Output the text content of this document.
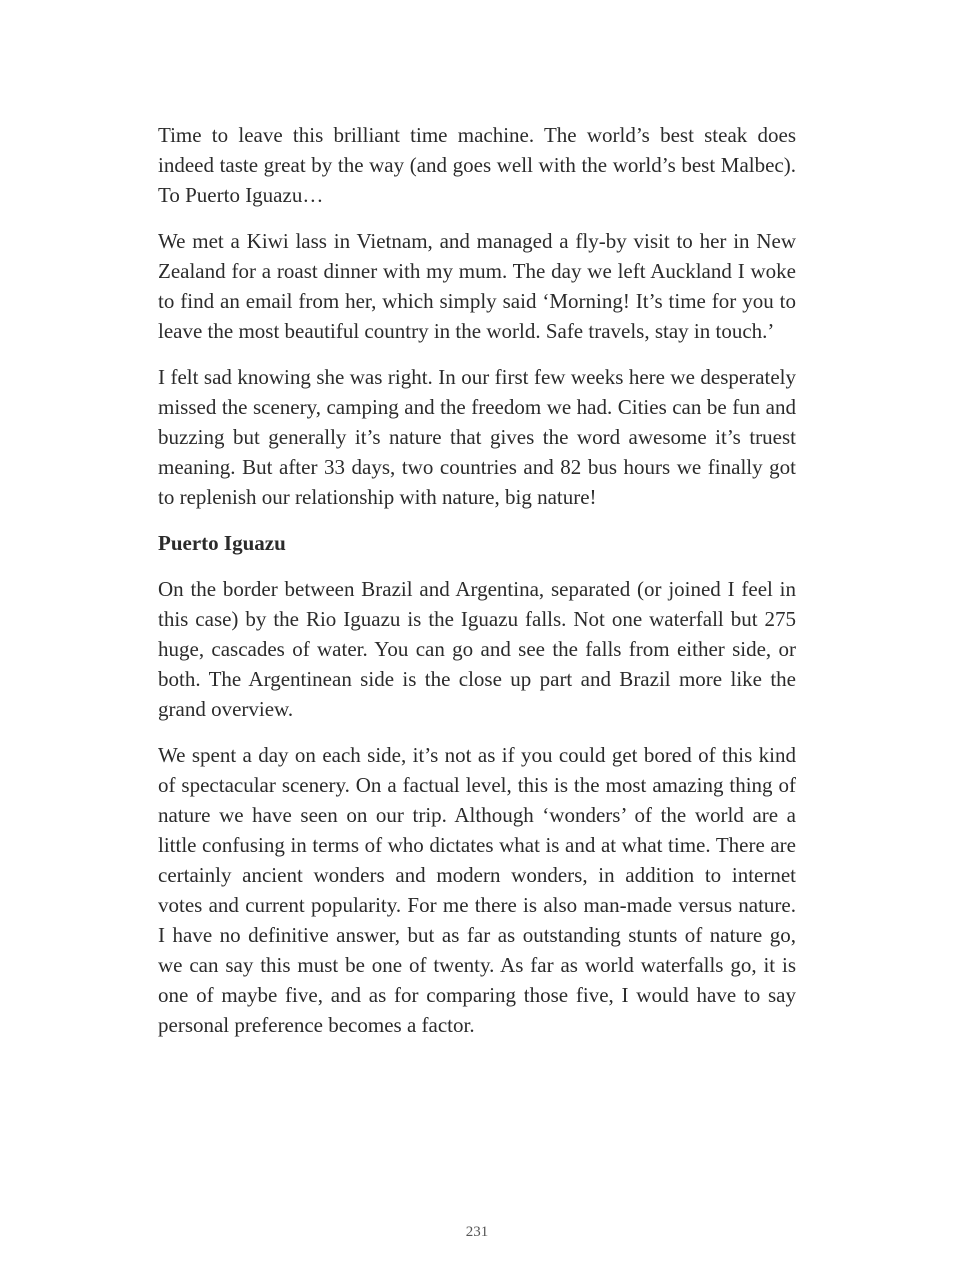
Time to leave this brilliant time machine. The world’s best steak does indeed taste great by the way (and goes well with the world’s best Malbec). To Puerto Iguazu…

We met a Kiwi lass in Vietnam, and managed a fly-by visit to her in New Zealand for a roast dinner with my mum. The day we left Auckland I woke to find an email from her, which simply said ‘Morning! It’s time for you to leave the most beautiful country in the world. Safe travels, stay in touch.’

I felt sad knowing she was right. In our first few weeks here we desperately missed the scenery, camping and the freedom we had. Cities can be fun and buzzing but generally it’s nature that gives the word awesome it’s truest meaning. But after 33 days, two countries and 82 bus hours we finally got to replenish our relationship with nature, big nature!

Puerto Iguazu

On the border between Brazil and Argentina, separated (or joined I feel in this case) by the Rio Iguazu is the Iguazu falls. Not one waterfall but 275 huge, cascades of water. You can go and see the falls from either side, or both. The Argentinean side is the close up part and Brazil more like the grand overview.

We spent a day on each side, it’s not as if you could get bored of this kind of spectacular scenery. On a factual level, this is the most amazing thing of nature we have seen on our trip. Although ‘wonders’ of the world are a little confusing in terms of who dictates what is and at what time. There are certainly ancient wonders and modern wonders, in addition to internet votes and current popularity. For me there is also man-made versus nature. I have no definitive answer, but as far as outstanding stunts of nature go, we can say this must be one of twenty. As far as world waterfalls go, it is one of maybe five, and as for comparing those five, I would have to say personal preference becomes a factor.

231
